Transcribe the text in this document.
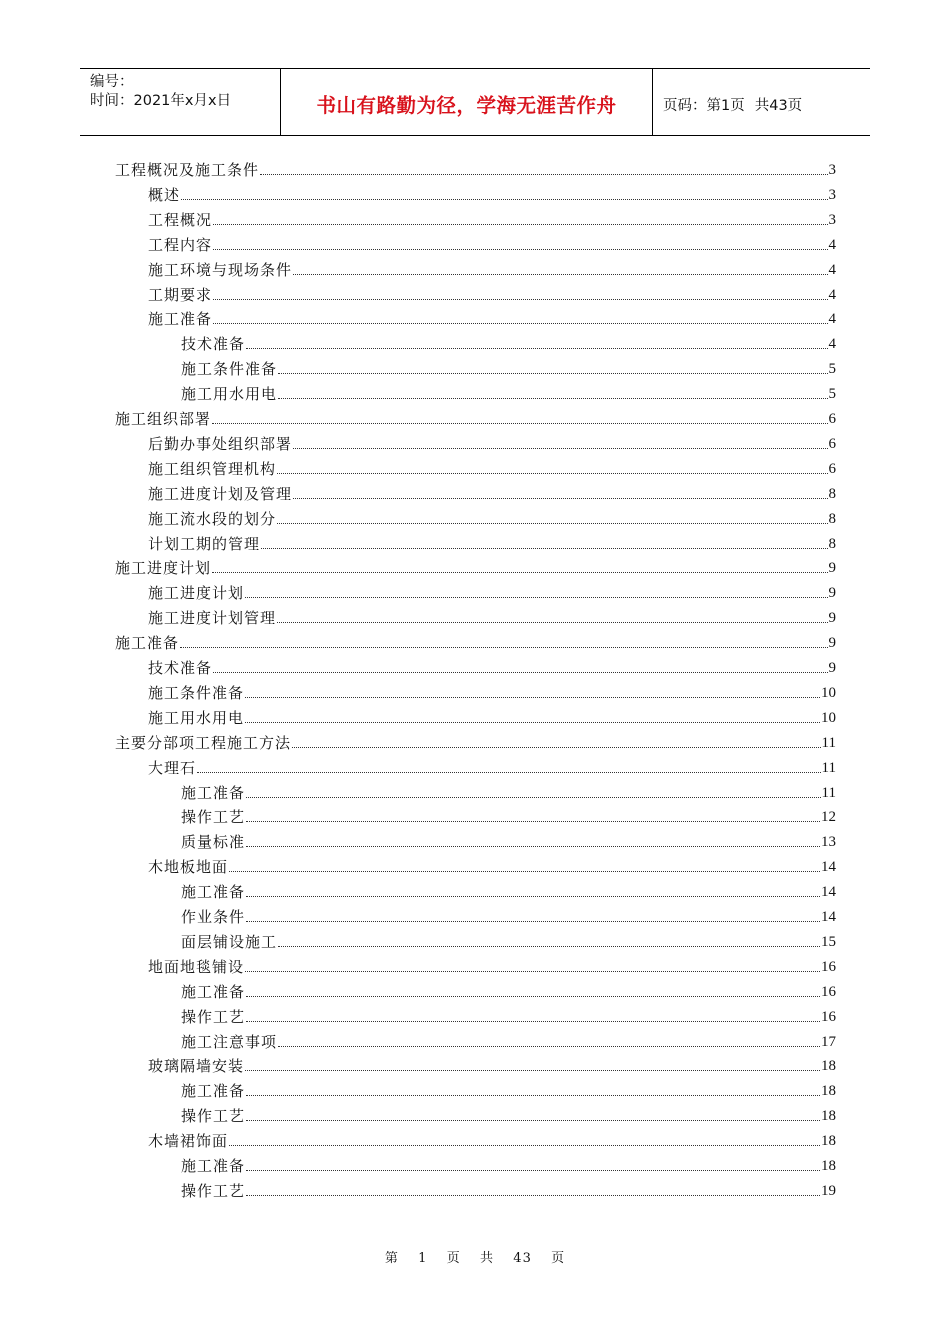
编号：
时间：2021年x月x日	书山有路勤为径，学海无涯苦作舟	页码：第1页 共43页
工程概况及施工条件	3
概述	3
工程概况	3
工程内容	4
施工环境与现场条件	4
工期要求	4
施工准备	4
技术准备	4
施工条件准备	5
施工用水用电	5
施工组织部署	6
后勤办事处组织部署	6
施工组织管理机构	6
施工进度计划及管理	8
施工流水段的划分	8
计划工期的管理	8
施工进度计划	9
施工进度计划	9
施工进度计划管理	9
施工准备	9
技术准备	9
施工条件准备	10
施工用水用电	10
主要分部项工程施工方法	11
大理石	11
施工准备	11
操作工艺	12
质量标准	13
木地板地面	14
施工准备	14
作业条件	14
面层铺设施工	15
地面地毯铺设	16
施工准备	16
操作工艺	16
施工注意事项	17
玻璃隔墙安装	18
施工准备	18
操作工艺	18
木墙裙饰面	18
施工准备	18
操作工艺	19
第 1 页 共 43 页
